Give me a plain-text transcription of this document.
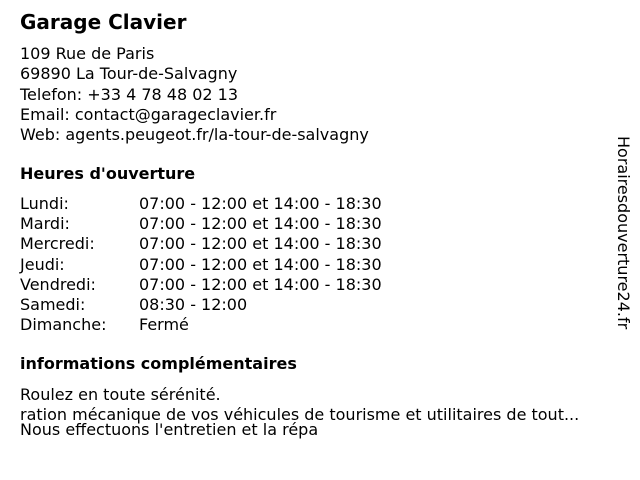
Garage Clavier
109 Rue de Paris
69890 La Tour-de-Salvagny
Telefon: +33 4 78 48 02 13
Email: contact@garageclavier.fr
Web: agents.peugeot.fr/la-tour-de-salvagny
Heures d'ouverture
Lundi:	07:00 - 12:00 et 14:00 - 18:30
Mardi:	07:00 - 12:00 et 14:00 - 18:30
Mercredi:	07:00 - 12:00 et 14:00 - 18:30
Jeudi:	07:00 - 12:00 et 14:00 - 18:30
Vendredi:	07:00 - 12:00 et 14:00 - 18:30
Samedi:	08:30 - 12:00
Dimanche: Fermé
informations complémentaires
Roulez en toute sérénité.
ration mécanique de vos véhicules de tourisme et utilitaires de tout...
Nous effectuons l'entretien et la répa
Horairesdouverture24.fr
